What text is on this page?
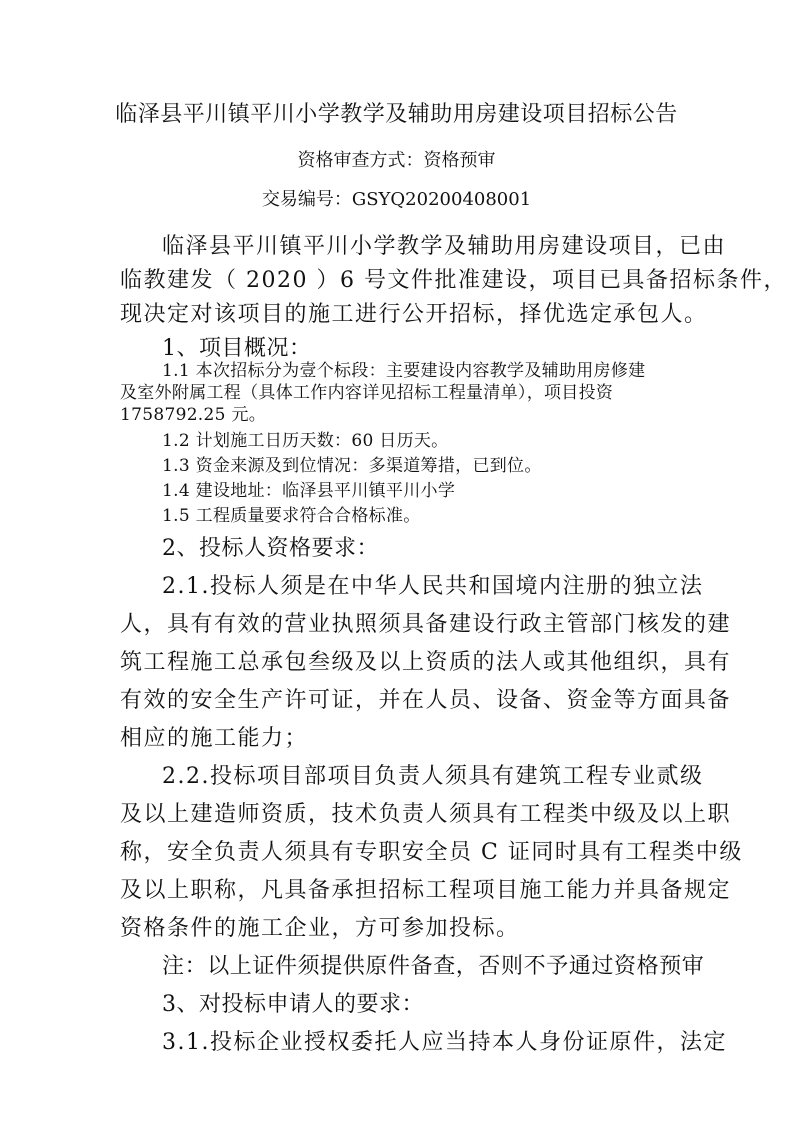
临泽县平川镇平川小学教学及辅助用房建设项目招标公告
资格审查方式：资格预审
交易编号：GSYQ20200408001
临泽县平川镇平川小学教学及辅助用房建设项目，已由
临教建发（ 2020 ）6 号文件批准建设，项目已具备招标条件，
现决定对该项目的施工进行公开招标，择优选定承包人。
1、项目概况：
1.1 本次招标分为壹个标段：主要建设内容教学及辅助用房修建
及室外附属工程（具体工作内容详见招标工程量清单），项目投资
1758792.25 元。
1.2 计划施工日历天数：60 日历天。
1.3 资金来源及到位情况：多渠道筹措，已到位。
1.4 建设地址：临泽县平川镇平川小学
1.5 工程质量要求符合合格标准。
2、投标人资格要求：
2.1.投标人须是在中华人民共和国境内注册的独立法
人，具有有效的营业执照须具备建设行政主管部门核发的建
筑工程施工总承包叁级及以上资质的法人或其他组织，具有
有效的安全生产许可证，并在人员、设备、资金等方面具备
相应的施工能力；
2.2.投标项目部项目负责人须具有建筑工程专业贰级
及以上建造师资质，技术负责人须具有工程类中级及以上职
称，安全负责人须具有专职安全员 C 证同时具有工程类中级
及以上职称，凡具备承担招标工程项目施工能力并具备规定
资格条件的施工企业，方可参加投标。
注：以上证件须提供原件备查，否则不予通过资格预审
3、对投标申请人的要求：
3.1.投标企业授权委托人应当持本人身份证原件，法定
